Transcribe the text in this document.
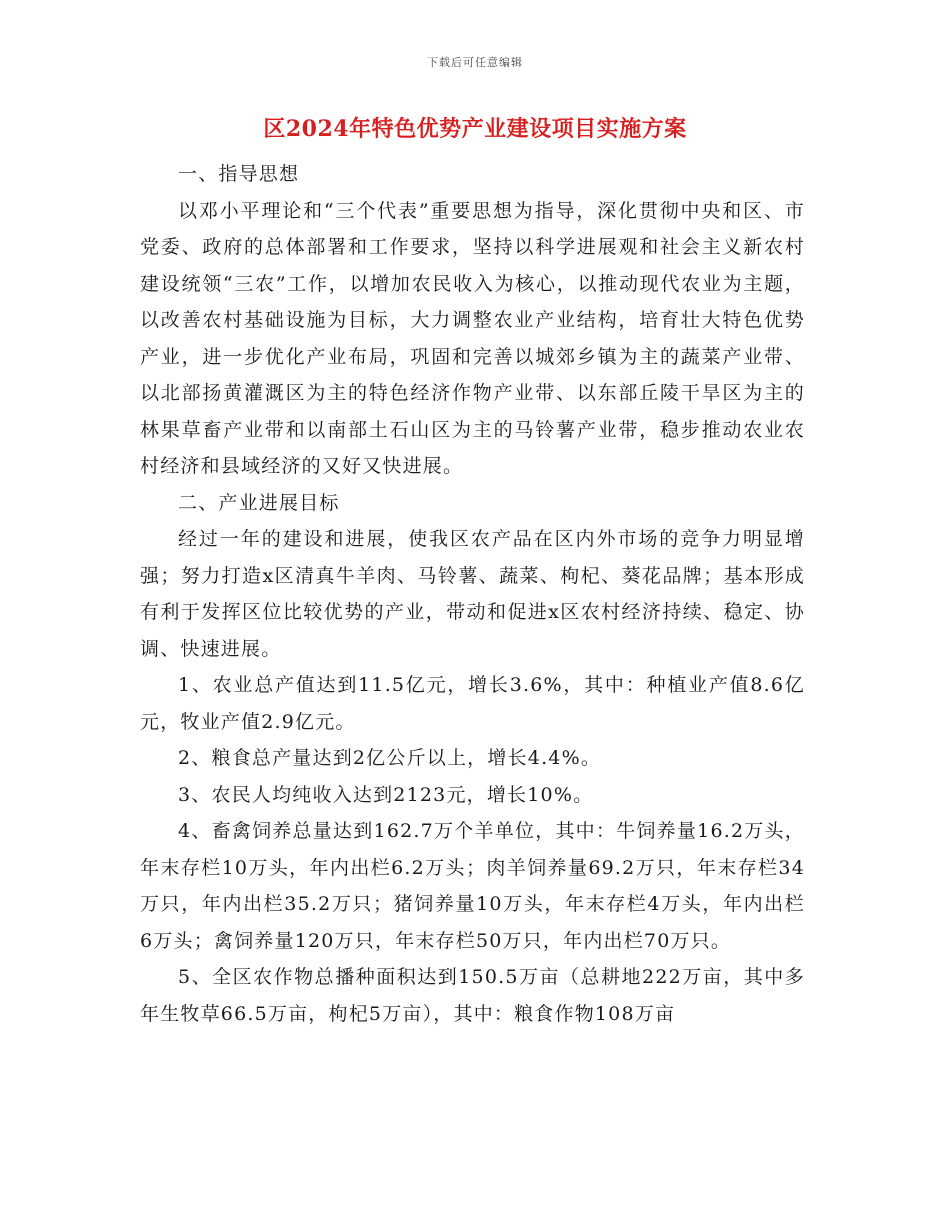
下载后可任意编辑
区2024年特色优势产业建设项目实施方案

一、指导思想

以邓小平理论和“三个代表”重要思想为指导，深化贯彻中央和区、市党委、政府的总体部署和工作要求，坚持以科学进展观和社会主义新农村建设统领“三农”工作，以增加农民收入为核心，以推动现代农业为主题，以改善农村基础设施为目标，大力调整农业产业结构，培育壮大特色优势产业，进一步优化产业布局，巩固和完善以城郊乡镇为主的蔬菜产业带、以北部扬黄灌溉区为主的特色经济作物产业带、以东部丘陵干旱区为主的林果草畜产业带和以南部土石山区为主的马铃薯产业带，稳步推动农业农村经济和县域经济的又好又快进展。

二、产业进展目标

经过一年的建设和进展，使我区农产品在区内外市场的竞争力明显增强；努力打造x区清真牛羊肉、马铃薯、蔬菜、枸杞、葵花品牌；基本形成有利于发挥区位比较优势的产业，带动和促进x区农村经济持续、稳定、协调、快速进展。

1、农业总产值达到11.5亿元，增长3.6%，其中：种植业产值8.6亿元，牧业产值2.9亿元。

2、粮食总产量达到2亿公斤以上，增长4.4%。

3、农民人均纯收入达到2123元，增长10%。

4、畜禽饲养总量达到162.7万个羊单位，其中：牛饲养量16.2万头，年末存栏10万头，年内出栏6.2万头；肉羊饲养量69.2万只，年末存栏34万只，年内出栏35.2万只；猪饲养量10万头，年末存栏4万头，年内出栏6万头；禽饲养量120万只，年末存栏50万只，年内出栏70万只。

5、全区农作物总播种面积达到150.5万亩（总耕地222万亩，其中多年生牧草66.5万亩，枸杞5万亩），其中：粮食作物108万亩
